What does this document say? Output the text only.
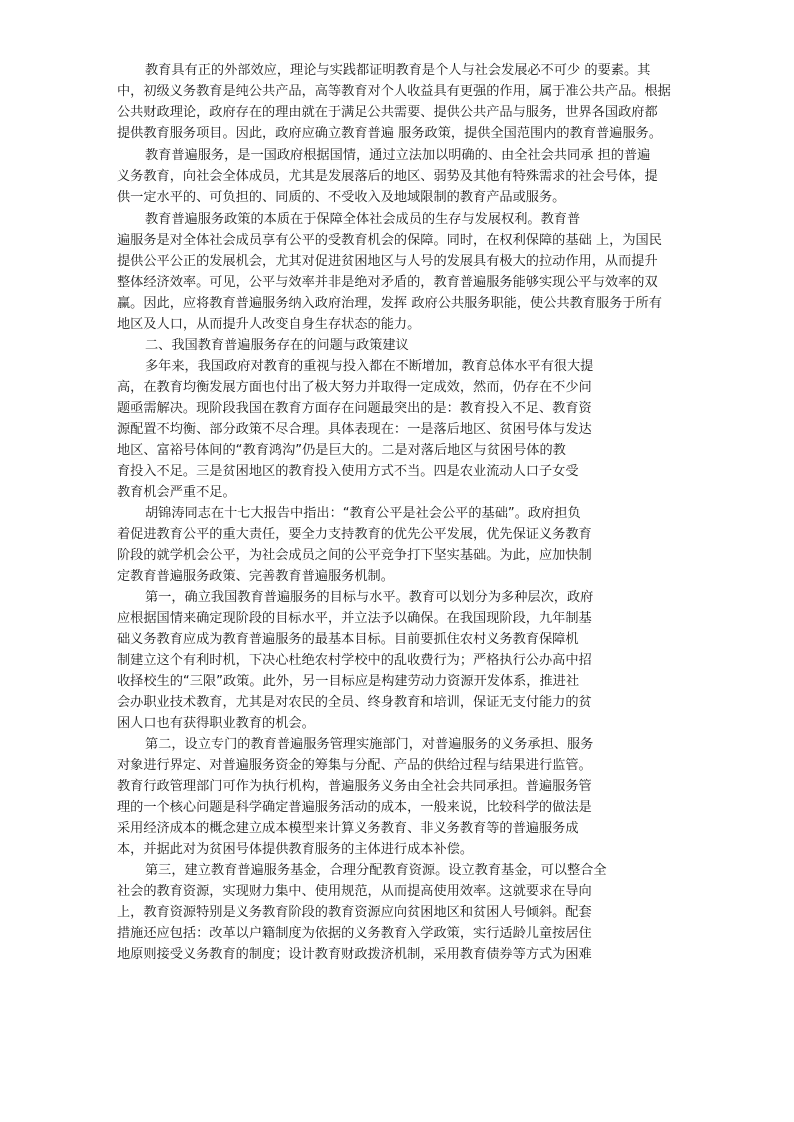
教育具有正的外部效应，理论与实践都证明教育是个人与社会发展必不可少 的要素。其
中，初级义务教育是纯公共产品，高等教育对个人收益具有更强的作用，属于准公共产品。根据
公共财政理论，政府存在的理由就在于满足公共需要、提供公共产品与服务，世界各国政府都
提供教育服务项目。因此，政府应确立教育普遍 服务政策，提供全国范围内的教育普遍服务。
教育普遍服务，是一国政府根据国情，通过立法加以明确的、由全社会共同承 担的普遍
义务教育，向社会全体成员，尤其是发展落后的地区、弱势及其他有特殊需求的社会号体，提
供一定水平的、可负担的、同质的、不受收入及地域限制的教育产品或服务。
教育普遍服务政策的本质在于保障全体社会成员的生存与发展权利。教育普
遍服务是对全体社会成员享有公平的受教育机会的保障。同时，在权利保障的基础 上，为国民
提供公平公正的发展机会，尤其对促进贫困地区与人号的发展具有极大的拉动作用，从而提升
整体经济效率。可见，公平与效率并非是绝对矛盾的，教育普遍服务能够实现公平与效率的双
赢。因此，应将教育普遍服务纳入政府治理，发挥 政府公共服务职能，使公共教育服务于所有
地区及人口，从而提升人改变自身生存状态的能力。
二、我国教育普遍服务存在的问题与政策建议
多年来，我国政府对教育的重视与投入都在不断增加，教育总体水平有很大提
高，在教育均衡发展方面也付出了极大努力并取得一定成效，然而，仍存在不少问
题亟需解决。现阶段我国在教育方面存在问题最突出的是：教育投入不足、教育资
源配置不均衡、部分政策不尽合理。具体表现在：一是落后地区、贫困号体与发达
地区、富裕号体间的“教育鸿沟”仍是巨大的。二是对落后地区与贫困号体的教
育投入不足。三是贫困地区的教育投入使用方式不当。四是农业流动人口子女受
教育机会严重不足。
胡锦涛同志在十七大报告中指出：“教育公平是社会公平的基础”。政府担负
着促进教育公平的重大责任，要全力支持教育的优先公平发展，优先保证义务教育
阶段的就学机会公平，为社会成员之间的公平竞争打下坚实基础。为此，应加快制
定教育普遍服务政策、完善教育普遍服务机制。
第一，确立我国教育普遍服务的目标与水平。教育可以划分为多种层次，政府
应根据国情来确定现阶段的目标水平，并立法予以确保。在我国现阶段，九年制基
础义务教育应成为教育普遍服务的最基本目标。目前要抓住农村义务教育保障机
制建立这个有利时机，下决心杜绝农村学校中的乱收费行为；严格执行公办高中招
收择校生的“三限”政策。此外，另一目标应是构建劳动力资源开发体系，推进社
会办职业技术教育，尤其是对农民的全员、终身教育和培训，保证无支付能力的贫
困人口也有获得职业教育的机会。
第二，设立专门的教育普遍服务管理实施部门，对普遍服务的义务承担、服务
对象进行界定、对普遍服务资金的筹集与分配、产品的供给过程与结果进行监管。
教育行政管理部门可作为执行机构，普遍服务义务由全社会共同承担。普遍服务管
理的一个核心问题是科学确定普遍服务活动的成本，一般来说，比较科学的做法是
采用经济成本的概念建立成本模型来计算义务教育、非义务教育等的普遍服务成
本，并据此对为贫困号体提供教育服务的主体进行成本补偿。
第三，建立教育普遍服务基金，合理分配教育资源。设立教育基金，可以整合全
社会的教育资源，实现财力集中、使用规范，从而提高使用效率。这就要求在导向
上，教育资源特别是义务教育阶段的教育资源应向贫困地区和贫困人号倾斜。配套
措施还应包括：改革以户籍制度为依据的义务教育入学政策，实行适龄儿童按居住
地原则接受义务教育的制度；设计教育财政拨济机制，采用教育债券等方式为困难
